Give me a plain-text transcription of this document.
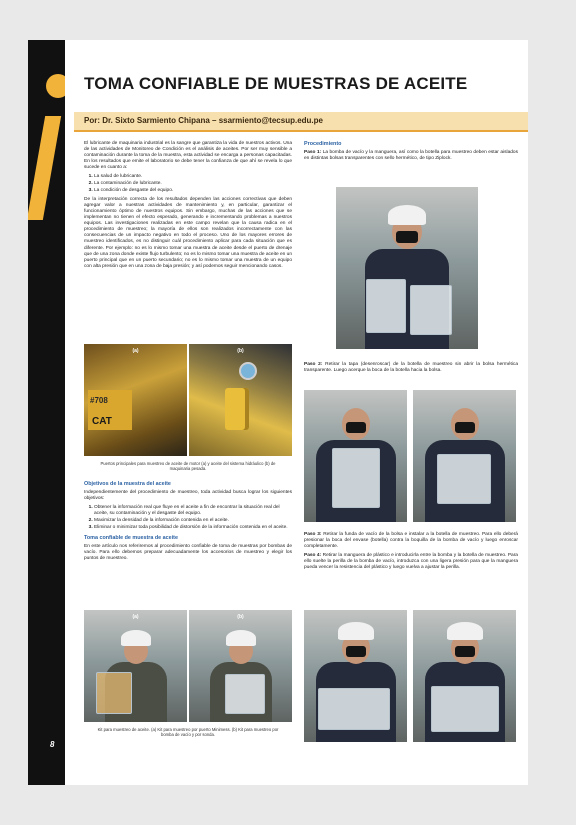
8
TOMA CONFIABLE DE MUESTRAS DE ACEITE
Por: Dr. Sixto Sarmiento Chipana – ssarmiento@tecsup.edu.pe

El lubricante de maquinaria industrial es la sangre que garantiza la vida de nuestros activos. Una de las actividades de Monitoreo de Condición es el análisis de aceites. Por ser muy sensible a contaminación durante la toma de la muestra, esta actividad se encarga a personas capacitadas. En los resultados que emite el laboratorio se debe tener la confianza de que ahí se revela lo que sucede en cuanto a:

1. La salud de lubricante.
2. La contaminación de lubricante.
3. La condición de desgaste del equipo.

De la interpretación correcta de los resultados dependen las acciones correctivas que deben agregar valor a nuestras actividades de mantenimiento y, en particular, garantizar el funcionamiento óptimo de nuestros equipos. Sin embargo, muchas de las acciones que se implementan no tienen el efecto esperado, generando e incrementando problemas a nuestros equipos. Las investigaciones realizadas en este campo revelan que la causa radica en el procedimiento de muestreo; la mayoría de ellos son realizados incorrectamente con las consecuencias de un impacto negativo en todo el proceso. Uno de los mayores errores de muestreo identificados, es no distinguir cuál procedimiento aplicar para cada situación que es diferente. Por ejemplo: no es lo mismo tomar una muestra de aceite desde el puerto de drenaje que de una zona donde existe flujo turbulento; no es lo mismo tomar una muestra de aceite en un puerto principal que en un puerto secundario; no es lo mismo tomar una muestra de un equipo con alta presión que en una zona de baja presión; y así podemos seguir mencionando casos.

(a)
#708
CAT
(b)
Puertos principales para muestreo de aceite de motor (a) y aceite del sistema hidráulico (b) de maquinaria pesada.
Objetivos de la muestra del aceite

Independientemente del procedimiento de muestreo, toda actividad busca lograr los siguientes objetivos:

1. Obtener la información real que fluye en el aceite a fin de encontrar la situación real del aceite, su contaminación y el desgaste del equipo.
2. Maximizar la densidad de la información contenida en el aceite.
3. Eliminar o minimizar toda posibilidad de distorsión de la información contenida en el aceite.
Toma confiable de muestra de aceite

En este artículo nos referiremos al procedimiento confiable de toma de muestras por bombas de vacío. Para ello debemos preparar adecuadamente los accesorios de muestreo y elegir los puntos de muestreo.

(a)	(b)
Kit para muestreo de aceite. (a) Kit para muestreo por puerto Minimess. (b) Kit para muestreo por bomba de vacío y por sonda.
Procedimiento

Paso 1: La bomba de vacío y la manguera, así como la botella para muestreo deben estar aislados en distintas bolsas transparentes con sello hermético, de tipo Ziplock.

Paso 2: Retirar la tapa (desenroscar) de la botella de muestreo sin abrir la bolsa hermética transparente. Luego acerque la boca de la botella hacia la bolsa.

Paso 3: Retirar la funda de vacío de la bolsa e instalar a la botella de muestreo. Para ello deberá presionar la boca del envase (botella) contra la boquilla de la bomba de vacío y luego enroscar completamente.

Paso 4: Retirar la manguera de plástico e introducirla entre la bomba y la botella de muestreo. Para ello suelte la perilla de la bomba de vacío, introduzca con una ligera presión para que la manguera pueda vencer la resistencia del plástico y luego vuelva a ajustar la perilla.
